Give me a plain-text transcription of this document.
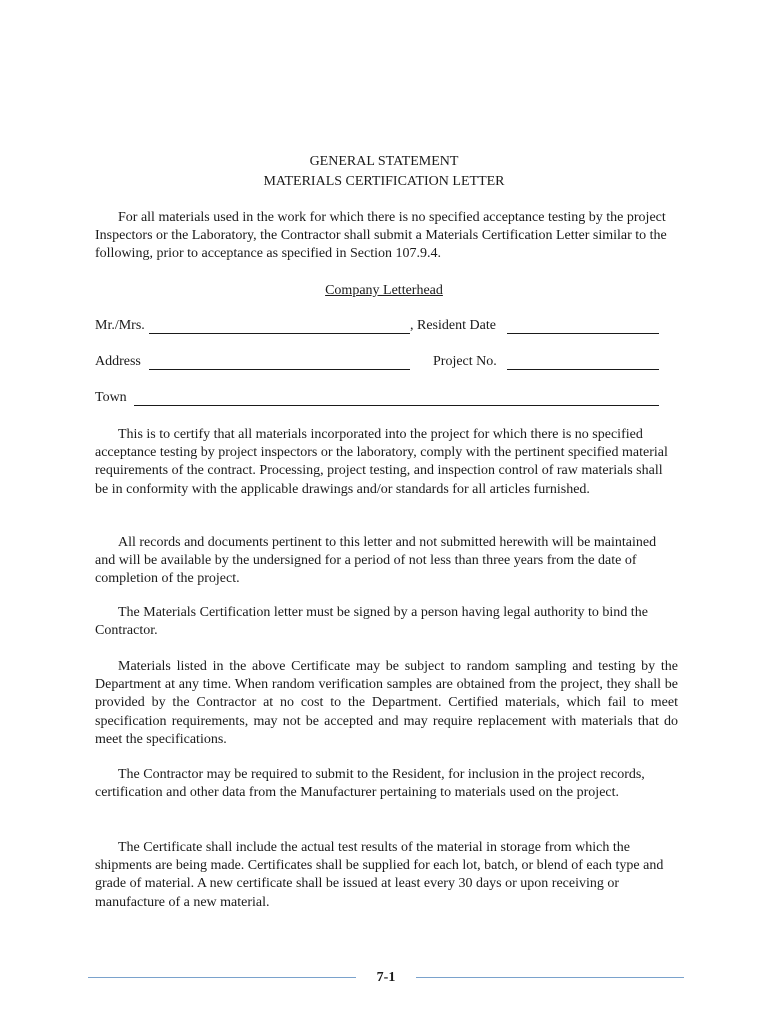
GENERAL STATEMENT
MATERIALS CERTIFICATION LETTER

For all materials used in the work for which there is no specified acceptance testing by the project Inspectors or the Laboratory, the Contractor shall submit a Materials Certification Letter similar to the following, prior to acceptance as specified in Section 107.9.4.

Company Letterhead
Mr./Mrs.	, Resident Date
Address	Project No.
Town

This is to certify that all materials incorporated into the project for which there is no specified acceptance testing by project inspectors or the laboratory, comply with the pertinent specified material requirements of the contract. Processing, project testing, and inspection control of raw materials shall be in conformity with the applicable drawings and/or standards for all articles furnished.

All records and documents pertinent to this letter and not submitted herewith will be maintained and will be available by the undersigned for a period of not less than three years from the date of completion of the project.

The Materials Certification letter must be signed by a person having legal authority to bind the Contractor.

Materials listed in the above Certificate may be subject to random sampling and testing by the Department at any time. When random verification samples are obtained from the project, they shall be provided by the Contractor at no cost to the Department. Certified materials, which fail to meet specification requirements, may not be accepted and may require replacement with materials that do meet the specifications.

The Contractor may be required to submit to the Resident, for inclusion in the project records, certification and other data from the Manufacturer pertaining to materials used on the project.

The Certificate shall include the actual test results of the material in storage from which the shipments are being made. Certificates shall be supplied for each lot, batch, or blend of each type and grade of material. A new certificate shall be issued at least every 30 days or upon receiving or manufacture of a new material.

7-1
